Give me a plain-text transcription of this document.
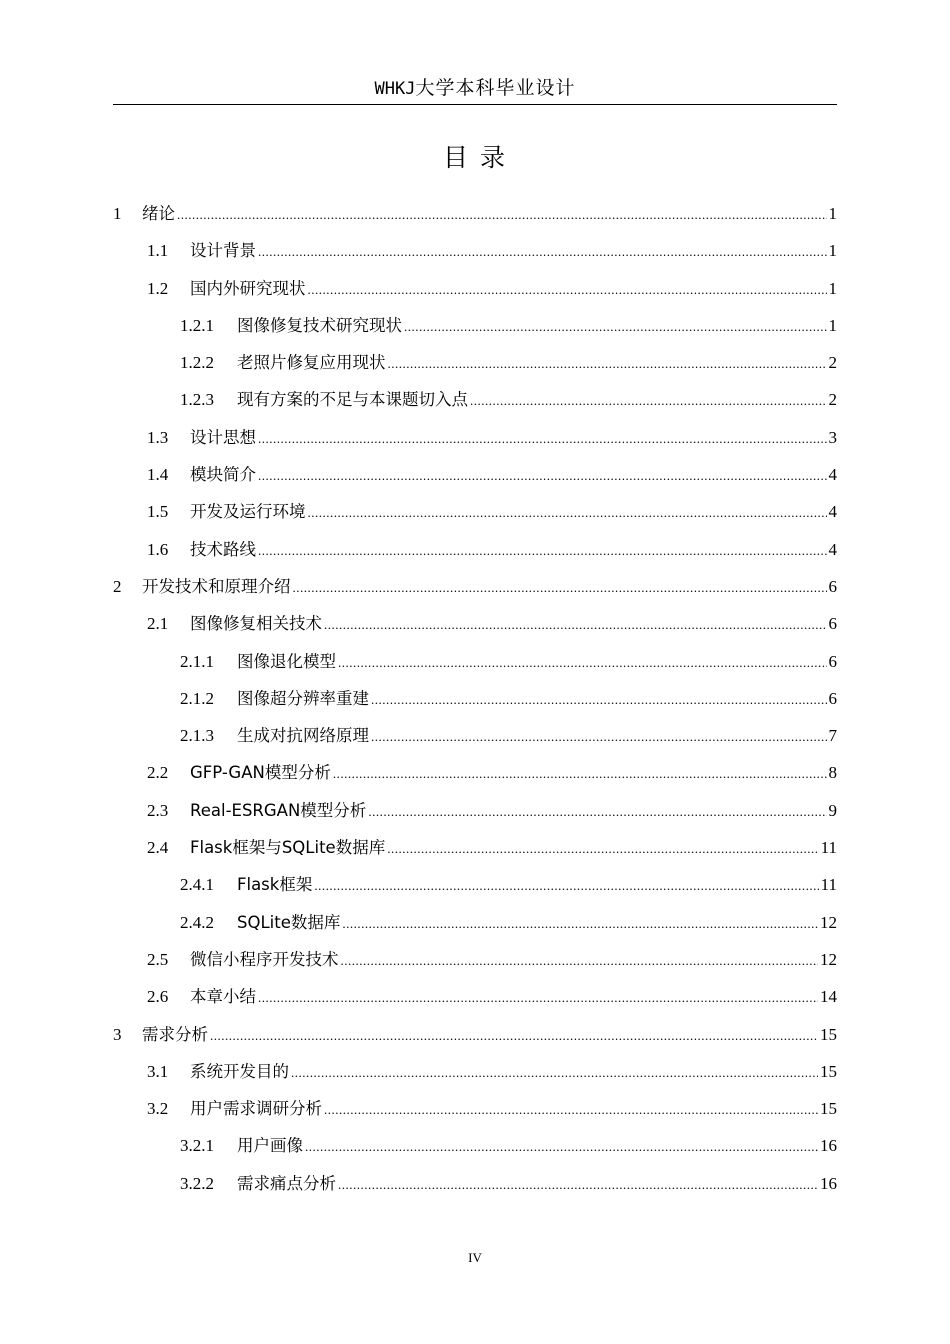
WHKJ大学本科毕业设计
目 录
1	绪论 .....	1
1.1	设计背景 .....	1
1.2	国内外研究现状 .....	1
1.2.1	图像修复技术研究现状 .....	1
1.2.2	老照片修复应用现状 .....	2
1.2.3	现有方案的不足与本课题切入点 .....	2
1.3	设计思想 .....	3
1.4	模块简介 .....	4
1.5	开发及运行环境 .....	4
1.6	技术路线 .....	4
2	开发技术和原理介绍 .....	6
2.1	图像修复相关技术 .....	6
2.1.1	图像退化模型 .....	6
2.1.2	图像超分辨率重建 .....	6
2.1.3	生成对抗网络原理 .....	7
2.2	GFP-GAN模型分析 .....	8
2.3	Real-ESRGAN模型分析 .....	9
2.4	Flask框架与SQLite数据库 .....	11
2.4.1	Flask框架 .....	11
2.4.2	SQLite数据库 .....	12
2.5	微信小程序开发技术 .....	12
2.6	本章小结 .....	14
3	需求分析 .....	15
3.1	系统开发目的 .....	15
3.2	用户需求调研分析 .....	15
3.2.1	用户画像 .....	16
3.2.2	需求痛点分析 .....	16
IV
